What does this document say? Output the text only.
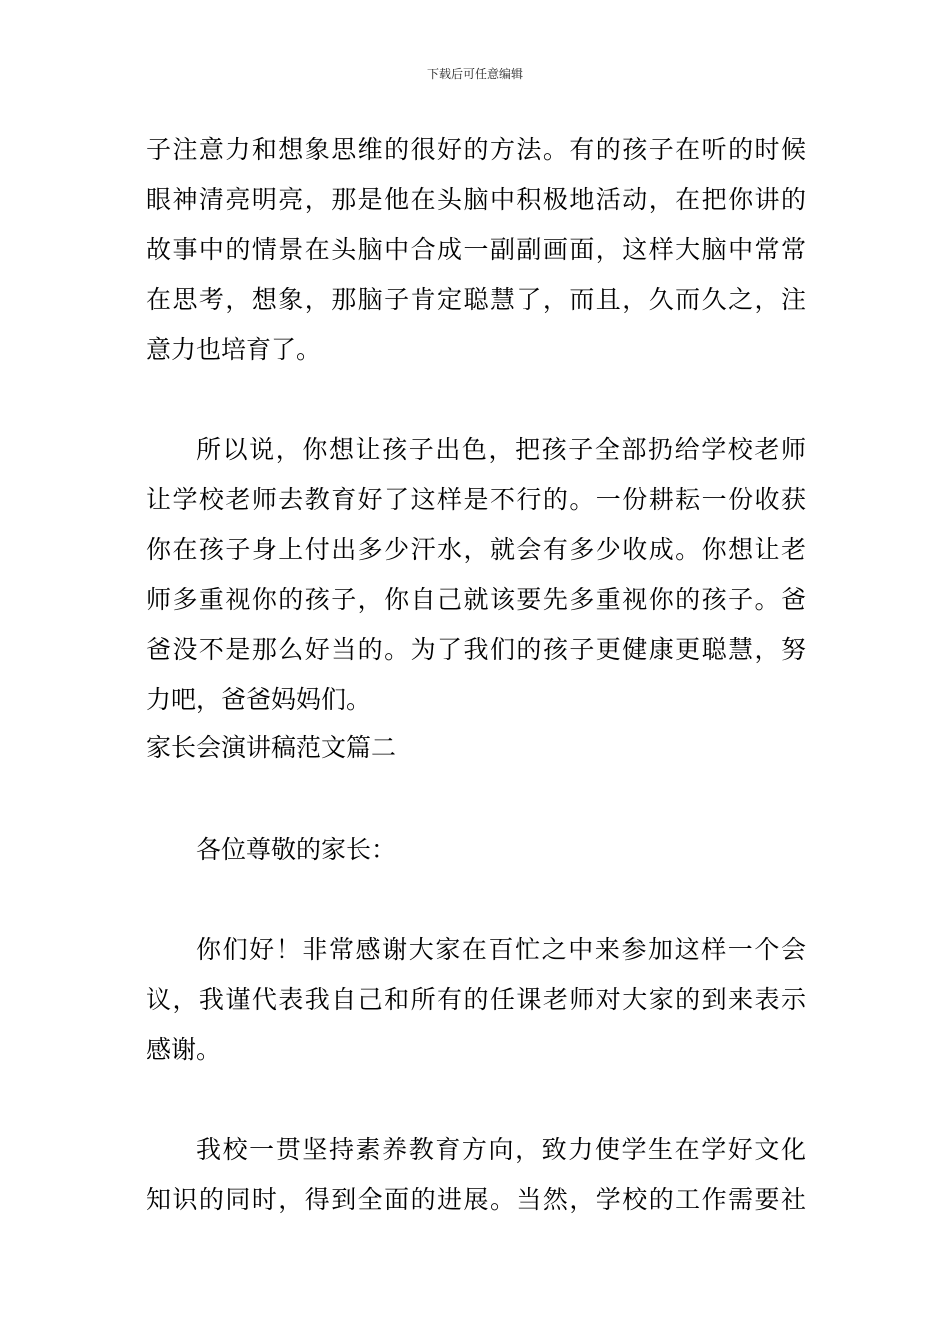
下载后可任意编辑
子注意力和想象思维的很好的方法。有的孩子在听的时候
眼神清亮明亮，那是他在头脑中积极地活动，在把你讲的
故事中的情景在头脑中合成一副副画面，这样大脑中常常
在思考，想象，那脑子肯定聪慧了，而且，久而久之，注
意力也培育了。
所以说，你想让孩子出色，把孩子全部扔给学校老师
让学校老师去教育好了这样是不行的。一份耕耘一份收获
你在孩子身上付出多少汗水，就会有多少收成。你想让老
师多重视你的孩子，你自己就该要先多重视你的孩子。爸
爸没不是那么好当的。为了我们的孩子更健康更聪慧，努
力吧，爸爸妈妈们。
家长会演讲稿范文篇二
各位尊敬的家长：
你们好！非常感谢大家在百忙之中来参加这样一个会
议，我谨代表我自己和所有的任课老师对大家的到来表示
感谢。
我校一贯坚持素养教育方向，致力使学生在学好文化
知识的同时，得到全面的进展。当然，学校的工作需要社
